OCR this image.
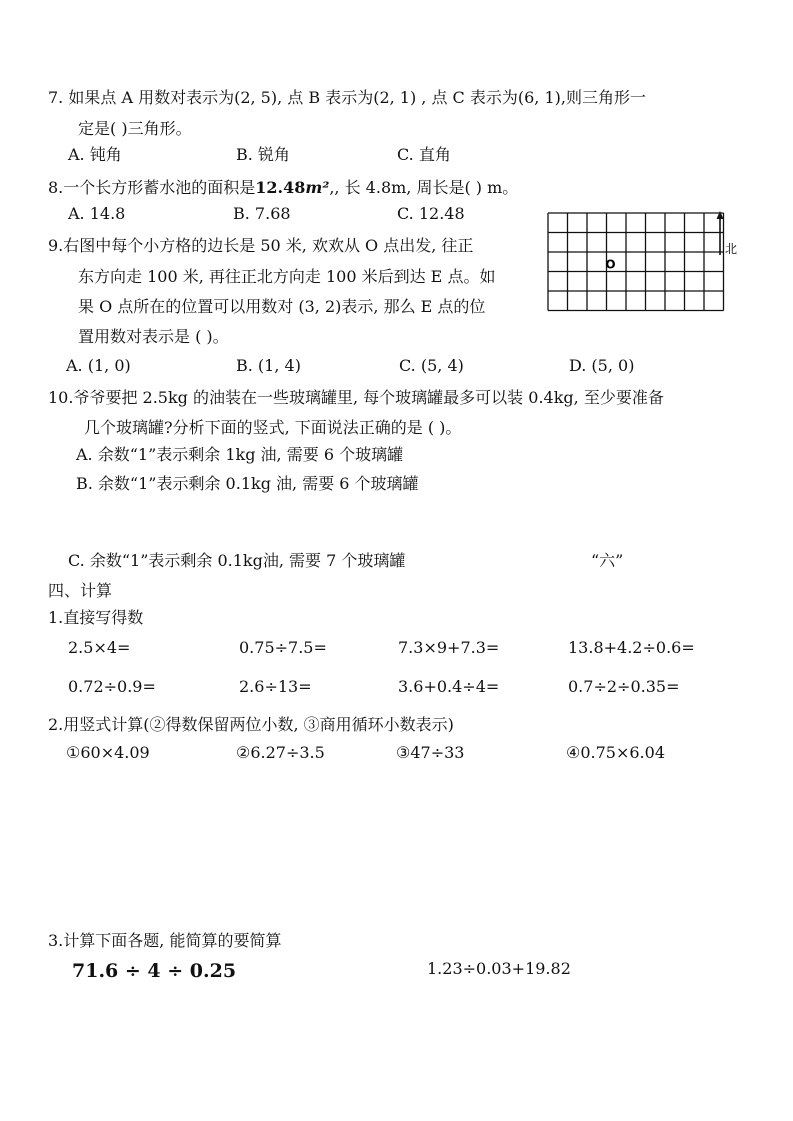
7. 如果点 A 用数对表示为(2, 5), 点 B 表示为(2, 1) , 点 C 表示为(6, 1),则三角形一
定是( )三角形。
A. 钝角	B. 锐角	C. 直角
8.一个长方形蓄水池的面积是12.48m²,, 长 4.8m, 周长是( ) m。
A. 14.8	B. 7.68	C. 12.48
9.右图中每个小方格的边长是 50 米, 欢欢从 O 点出发, 往正
东方向走 100 米, 再往正北方向走 100 米后到达 E 点。如
果 O 点所在的位置可以用数对 (3, 2)表示, 那么 E 点的位
置用数对表示是 ( )。
A. (1, 0)	B. (1, 4)	C. (5, 4)	D. (5, 0)
O
北
10.爷爷要把 2.5kg 的油装在一些玻璃罐里, 每个玻璃罐最多可以装 0.4kg, 至少要准备
几个玻璃罐?分析下面的竖式, 下面说法正确的是 ( )。
A. 余数“1”表示剩余 1kg 油, 需要 6 个玻璃罐
B. 余数“1”表示剩余 0.1kg 油, 需要 6 个玻璃罐
C. 余数“1”表示剩余 0.1kg油, 需要 7 个玻璃罐	“六”
四、计算
1.直接写得数
2.5×4=	0.75÷7.5=	7.3×9+7.3=	13.8+4.2÷0.6=
0.72÷0.9=	2.6÷13=	3.6+0.4÷4=	0.7÷2÷0.35=
2.用竖式计算(②得数保留两位小数, ③商用循环小数表示)
①60×4.09	②6.27÷3.5	③47÷33	④0.75×6.04
3.计算下面各题, 能简算的要简算
71.6 ÷ 4 ÷ 0.25	1.23÷0.03+19.82
